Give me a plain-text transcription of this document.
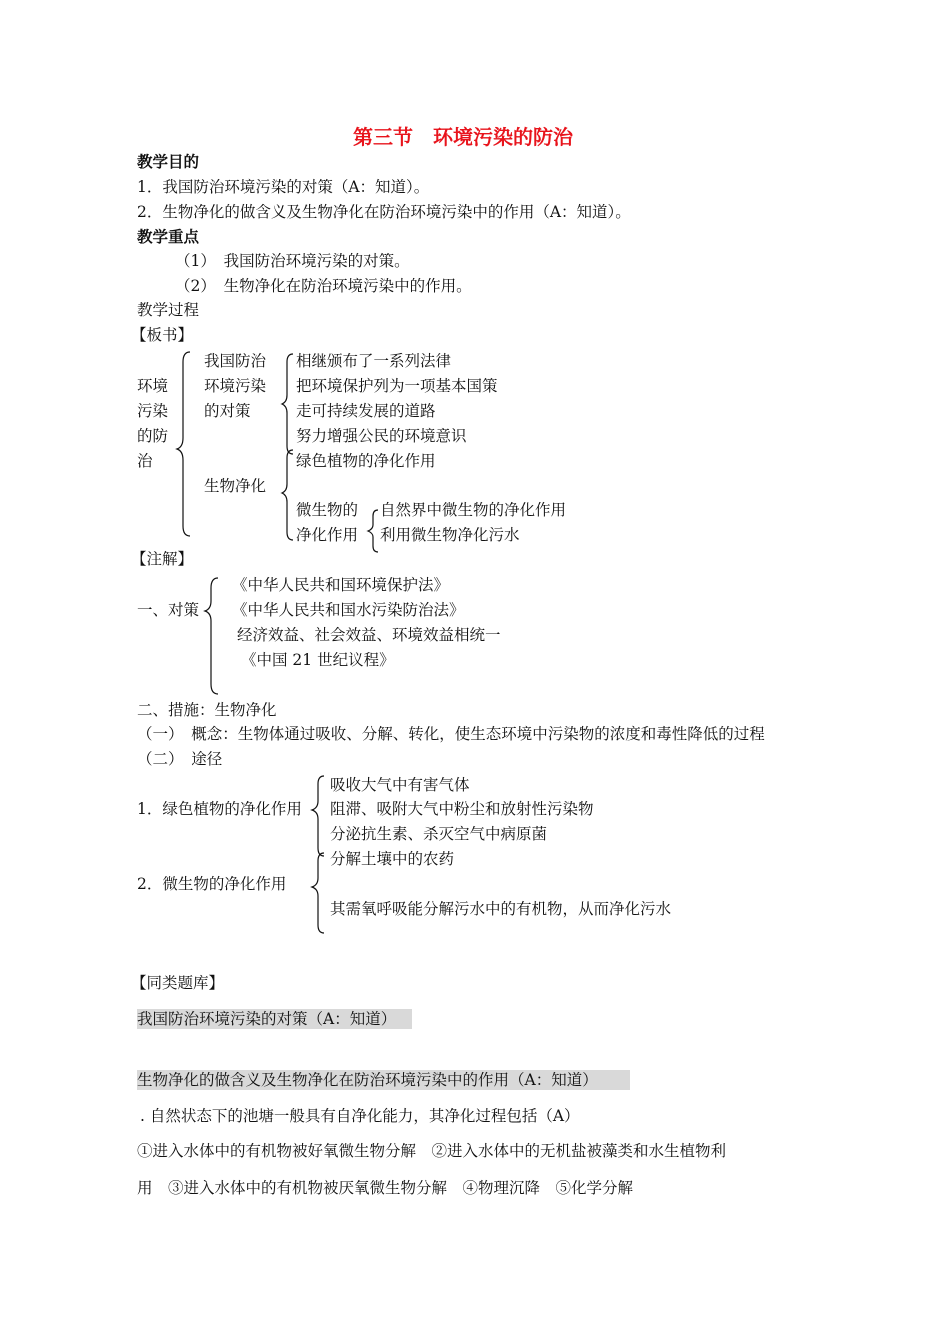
第三节　环境污染的防治
教学目的
1．我国防治环境污染的对策（A：知道）。
2．生物净化的做含义及生物净化在防治环境污染中的作用（A：知道）。
教学重点
（1）　我国防治环境污染的对策。
（2）　生物净化在防治环境污染中的作用。
教学过程
【板书】
环境
污染
的防
治
我国防治
环境污染
的对策
相继颁布了一系列法律
把环境保护列为一项基本国策
走可持续发展的道路
努力增强公民的环境意识
生物净化
绿色植物的净化作用
微生物的
净化作用
自然界中微生物的净化作用
利用微生物净化污水
【注解】
一、对策
《中华人民共和国环境保护法》
《中华人民共和国水污染防治法》
经济效益、社会效益、环境效益相统一
《中国 21 世纪议程》
二、措施：生物净化
（一）　概念：生物体通过吸收、分解、转化，使生态环境中污染物的浓度和毒性降低的过程
（二）　途径
1．绿色植物的净化作用
2．微生物的净化作用
吸收大气中有害气体
阻滞、吸附大气中粉尘和放射性污染物
分泌抗生素、杀灭空气中病原菌
分解土壤中的农药
其需氧呼吸能分解污水中的有机物，从而净化污水
【同类题库】
我国防治环境污染的对策（A：知道）
生物净化的做含义及生物净化在防治环境污染中的作用（A：知道）
. 自然状态下的池塘一般具有自净化能力，其净化过程包括（A）
①进入水体中的有机物被好氧微生物分解　②进入水体中的无机盐被藻类和水生植物利
用　③进入水体中的有机物被厌氧微生物分解　④物理沉降　⑤化学分解
